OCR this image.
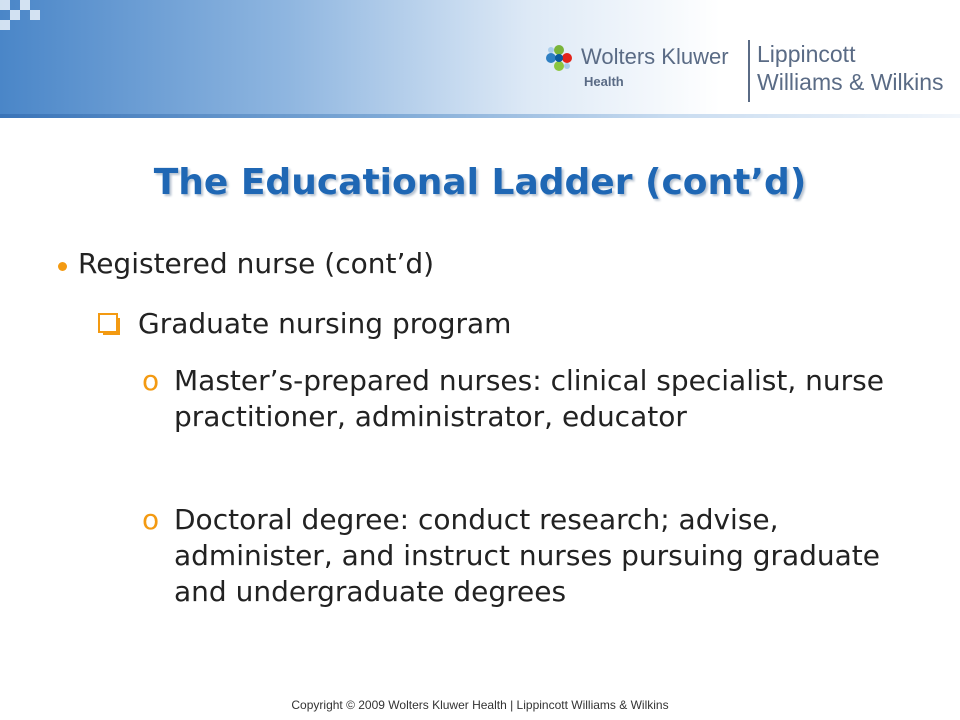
Wolters Kluwer
Health
Lippincott
Williams & Wilkins
The Educational Ladder (cont’d)
Registered nurse (cont’d)
Graduate nursing program
o Master’s-prepared nurses: clinical specialist, nurse practitioner, administrator, educator
o Doctoral degree: conduct research; advise, administer, and instruct nurses pursuing graduate and undergraduate degrees
Copyright © 2009 Wolters Kluwer Health | Lippincott Williams & Wilkins
